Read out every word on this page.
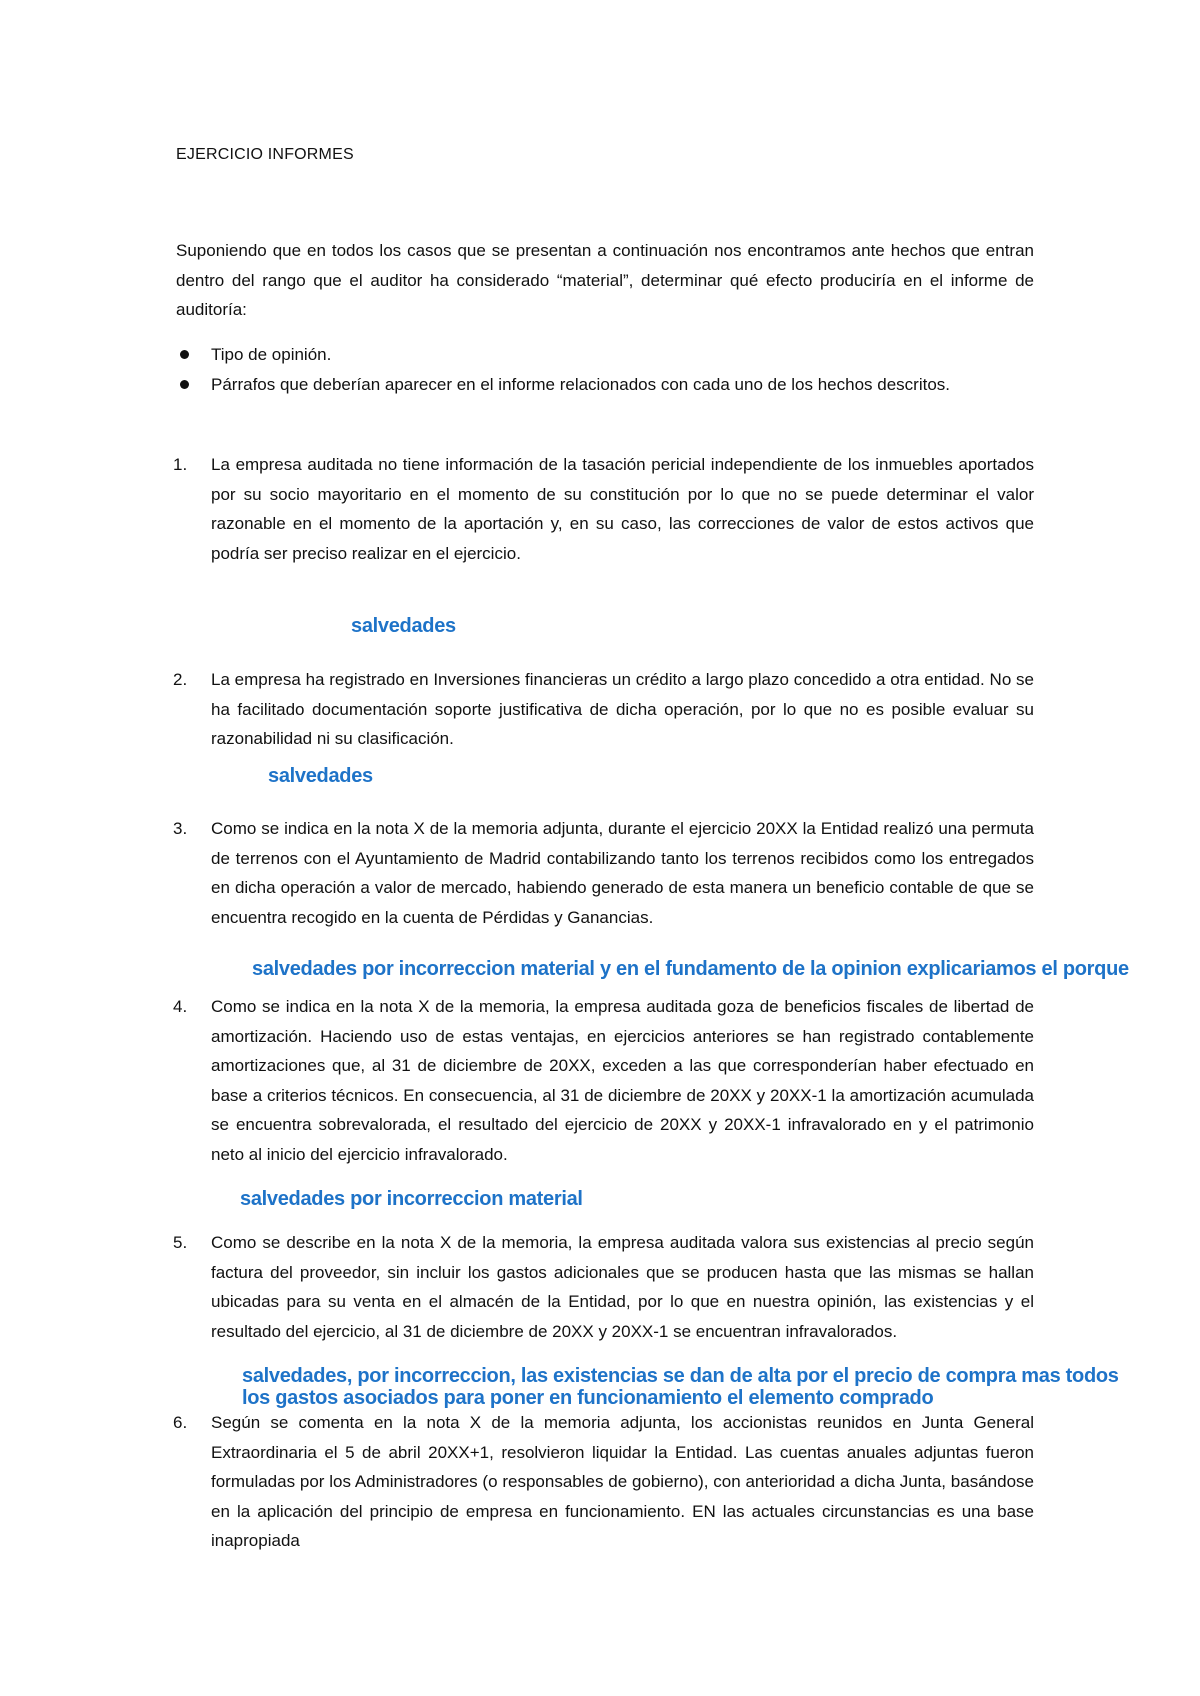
EJERCICIO INFORMES
Suponiendo que en todos los casos que se presentan a continuación nos encontramos ante hechos que entran dentro del rango que el auditor ha considerado “material”, determinar qué efecto produciría en el informe de auditoría:
Tipo de opinión.
Párrafos que deberían aparecer en el informe relacionados con cada uno de los hechos descritos.
1. La empresa auditada no tiene información de la tasación pericial independiente de los inmuebles aportados por su socio mayoritario en el momento de su constitución por lo que no se puede determinar el valor razonable en el momento de la aportación y, en su caso, las correcciones de valor de estos activos que podría ser preciso realizar en el ejercicio.
salvedades
2. La empresa ha registrado en Inversiones financieras un crédito a largo plazo concedido a otra entidad. No se ha facilitado documentación soporte justificativa de dicha operación, por lo que no es posible evaluar su razonabilidad ni su clasificación.
salvedades
3. Como se indica en la nota X de la memoria adjunta, durante el ejercicio 20XX la Entidad realizó una permuta de terrenos con el Ayuntamiento de Madrid contabilizando tanto los terrenos recibidos como los entregados en dicha operación a valor de mercado, habiendo generado de esta manera un beneficio contable de que se encuentra recogido en la cuenta de Pérdidas y Ganancias.
salvedades por incorreccion material y en el fundamento de la opinion explicariamos el porque
4. Como se indica en la nota X de la memoria, la empresa auditada goza de beneficios fiscales de libertad de amortización. Haciendo uso de estas ventajas, en ejercicios anteriores se han registrado contablemente amortizaciones que, al 31 de diciembre de 20XX, exceden a las que corresponderían haber efectuado en base a criterios técnicos. En consecuencia, al 31 de diciembre de 20XX y 20XX-1 la amortización acumulada se encuentra sobrevalorada, el resultado del ejercicio de 20XX y 20XX-1 infravalorado en y el patrimonio neto al inicio del ejercicio infravalorado.
salvedades por incorreccion material
5. Como se describe en la nota X de la memoria, la empresa auditada valora sus existencias al precio según factura del proveedor, sin incluir los gastos adicionales que se producen hasta que las mismas se hallan ubicadas para su venta en el almacén de la Entidad, por lo que en nuestra opinión, las existencias y el resultado del ejercicio, al 31 de diciembre de 20XX y 20XX-1 se encuentran infravalorados.
salvedades, por incorreccion, las existencias se dan de alta por el precio de compra mas todos los gastos asociados para poner en funcionamiento el elemento comprado
6. Según se comenta en la nota X de la memoria adjunta, los accionistas reunidos en Junta General Extraordinaria el 5 de abril 20XX+1, resolvieron liquidar la Entidad. Las cuentas anuales adjuntas fueron formuladas por los Administradores (o responsables de gobierno), con anterioridad a dicha Junta, basándose en la aplicación del principio de empresa en funcionamiento. EN las actuales circunstancias es una base inapropiada
